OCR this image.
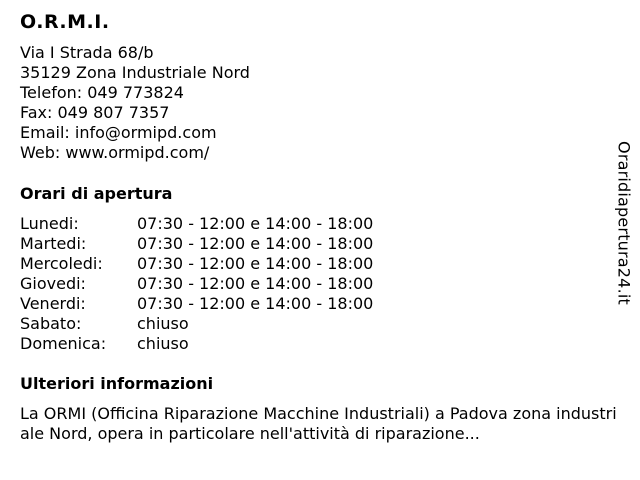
O.R.M.I.
Via I Strada 68/b
35129 Zona Industriale Nord
Telefon: 049 773824
Fax: 049 807 7357
Email: info@ormipd.com
Web: www.ormipd.com/
Orari di apertura
Lunedi:	07:30 - 12:00 e 14:00 - 18:00
Martedi:	07:30 - 12:00 e 14:00 - 18:00
Mercoledi:	07:30 - 12:00 e 14:00 - 18:00
Giovedi:	07:30 - 12:00 e 14:00 - 18:00
Venerdi:	07:30 - 12:00 e 14:00 - 18:00
Sabato:	chiuso
Domenica:	chiuso
Ulteriori informazioni
La ORMI (Officina Riparazione Macchine Industriali) a Padova zona industriale Nord, opera in particolare nell'attività di riparazione...
Oraridiapertura24.it
